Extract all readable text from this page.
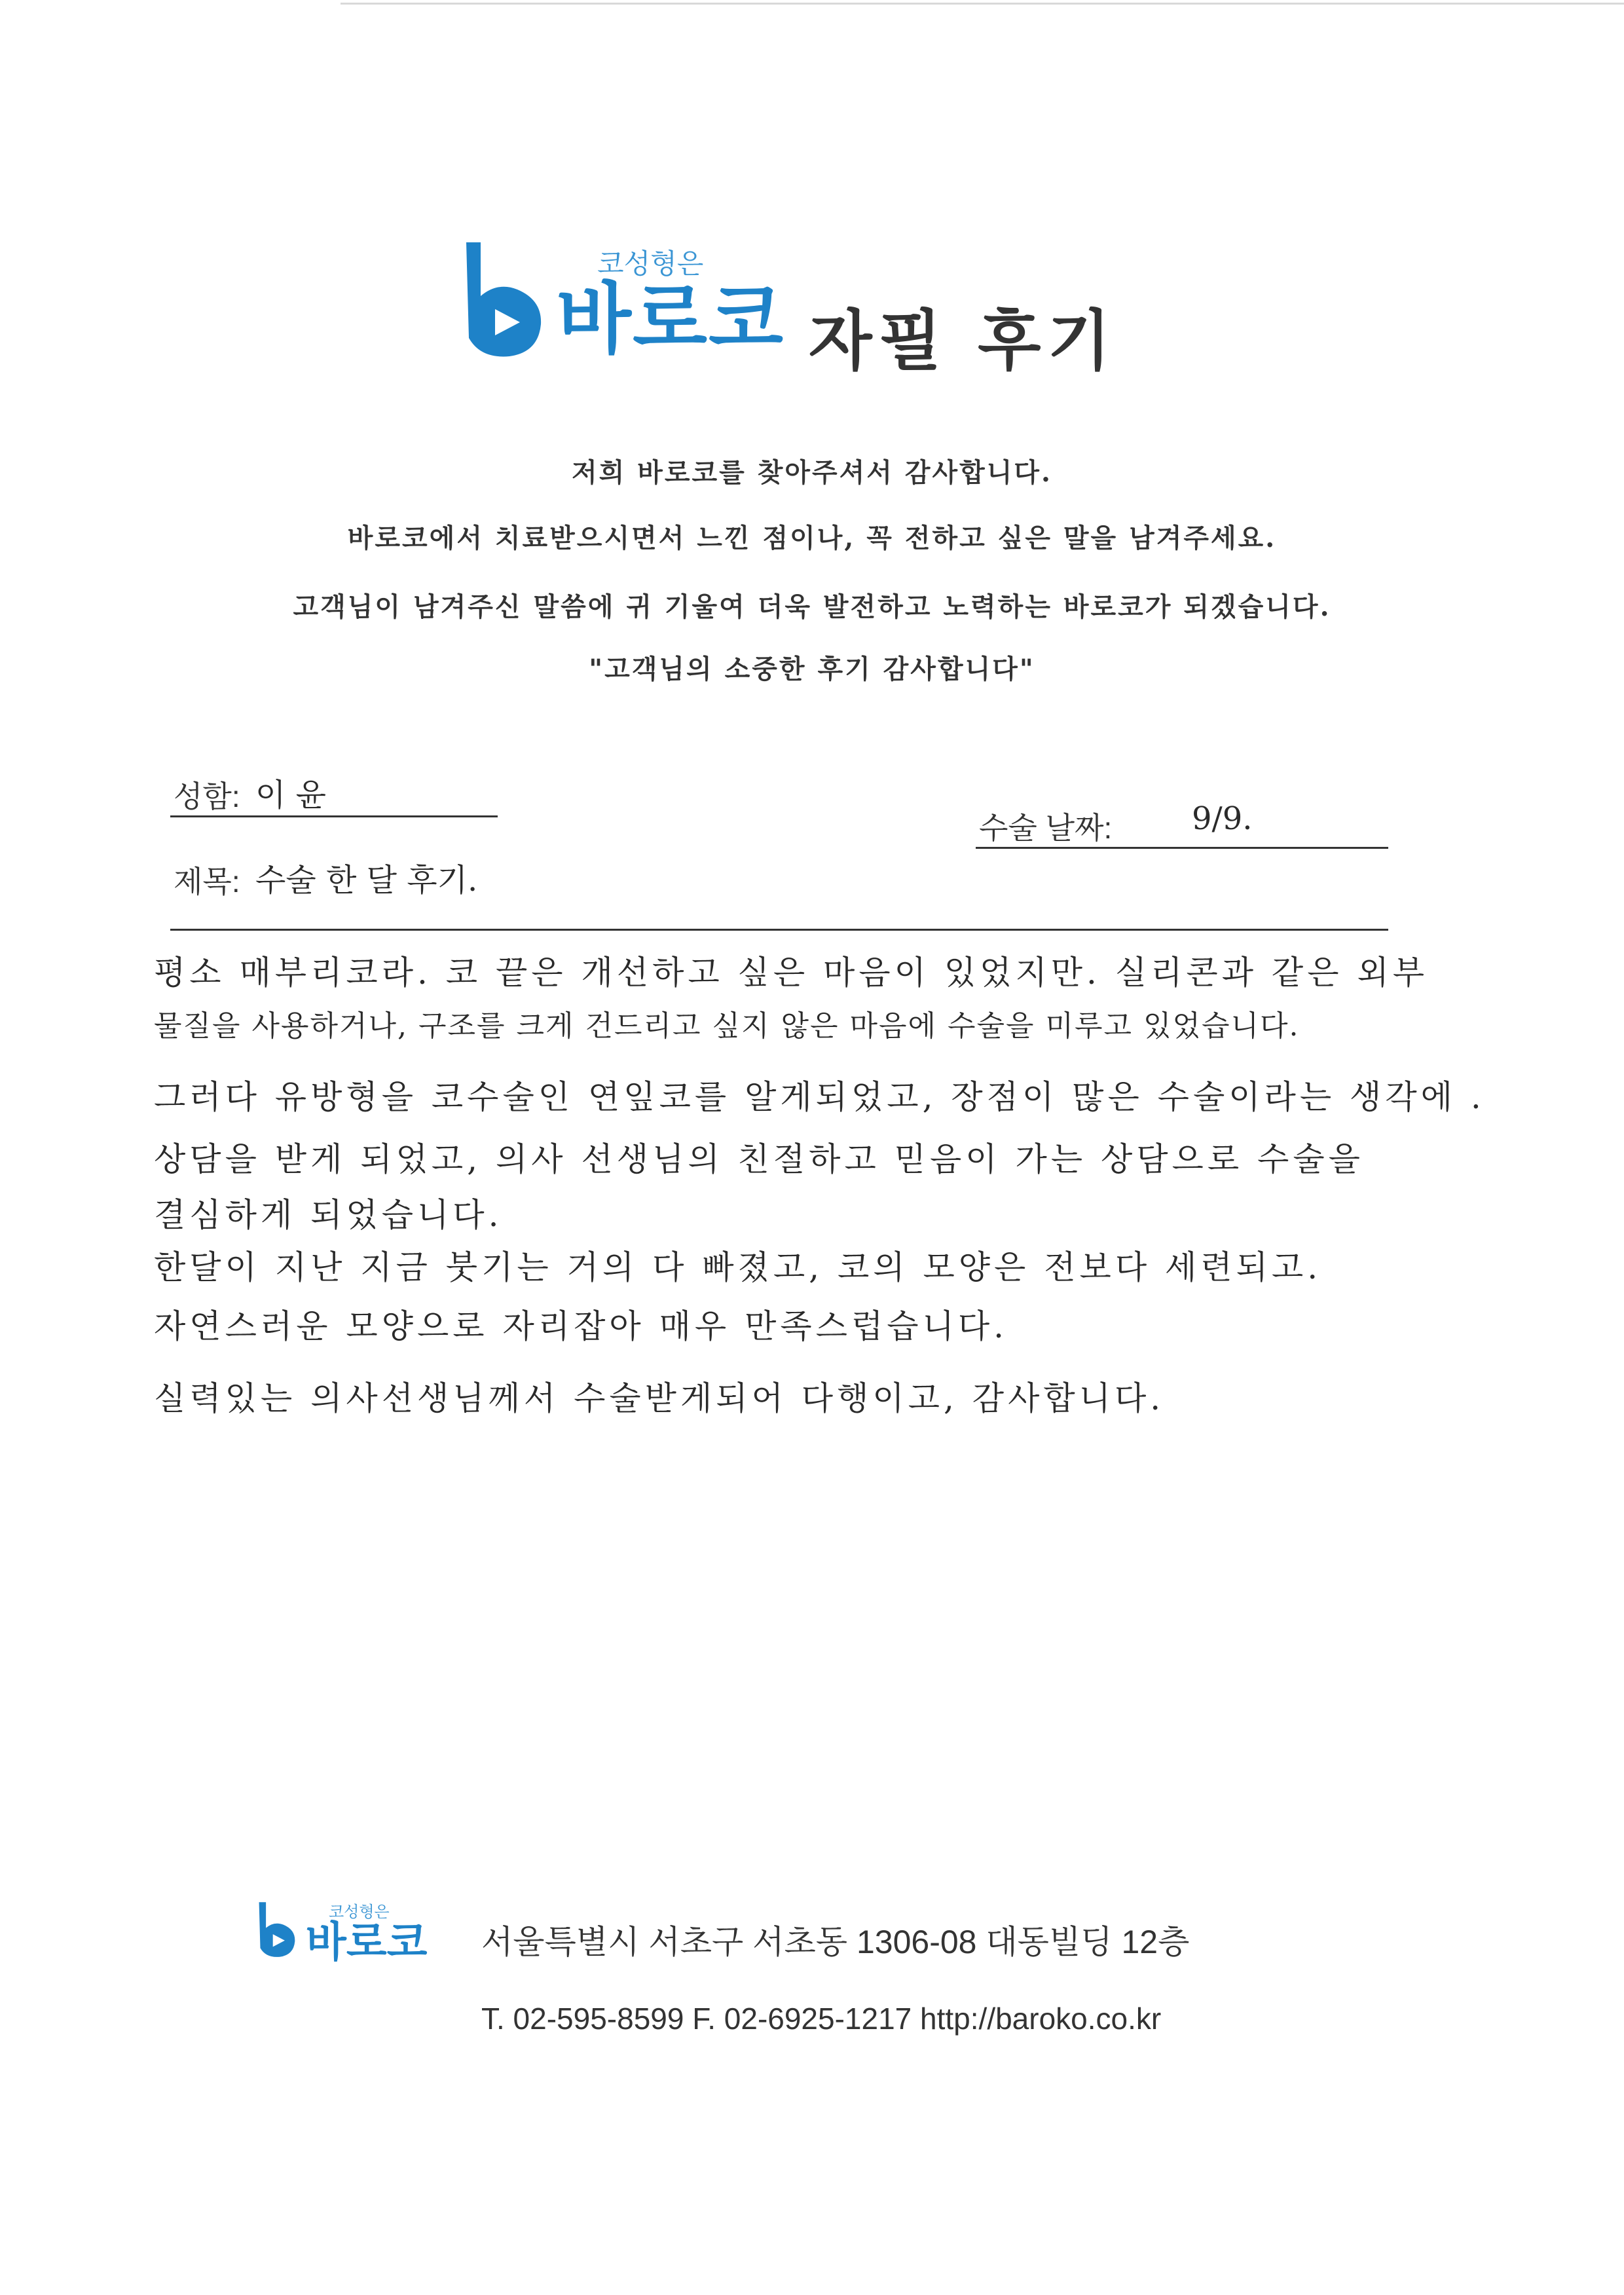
코성형은
바로코 자필 후기
저희 바로코를 찾아주셔서 감사합니다.
바로코에서 치료받으시면서 느낀 점이나, 꼭 전하고 싶은 말을 남겨주세요.
고객님이 남겨주신 말씀에 귀 기울여 더욱 발전하고 노력하는 바로코가 되겠습니다.
"고객님의 소중한 후기 감사합니다"
성함: 이 윤
수술 날짜:	9/9.
제목: 수술 한 달 후기.
평소 매부리코라. 코 끝은 개선하고 싶은 마음이 있었지만. 실리콘과 같은 외부
물질을 사용하거나, 구조를 크게 건드리고 싶지 않은 마음에 수술을 미루고 있었습니다.
그러다 유방형을 코수술인 연잎코를 알게되었고, 장점이 많은 수술이라는 생각에 .
상담을 받게 되었고, 의사 선생님의 친절하고 믿음이 가는 상담으로 수술을
결심하게 되었습니다.
한달이 지난 지금 붓기는 거의 다 빠졌고, 코의 모양은 전보다 세련되고.
자연스러운 모양으로 자리잡아 매우 만족스럽습니다.
실력있는 의사선생님께서 수술받게되어 다행이고, 감사합니다.
코성형은
바로코 서울특별시 서초구 서초동 1306-08 대동빌딩 12층
T. 02-595-8599 F. 02-6925-1217 http://baroko.co.kr
